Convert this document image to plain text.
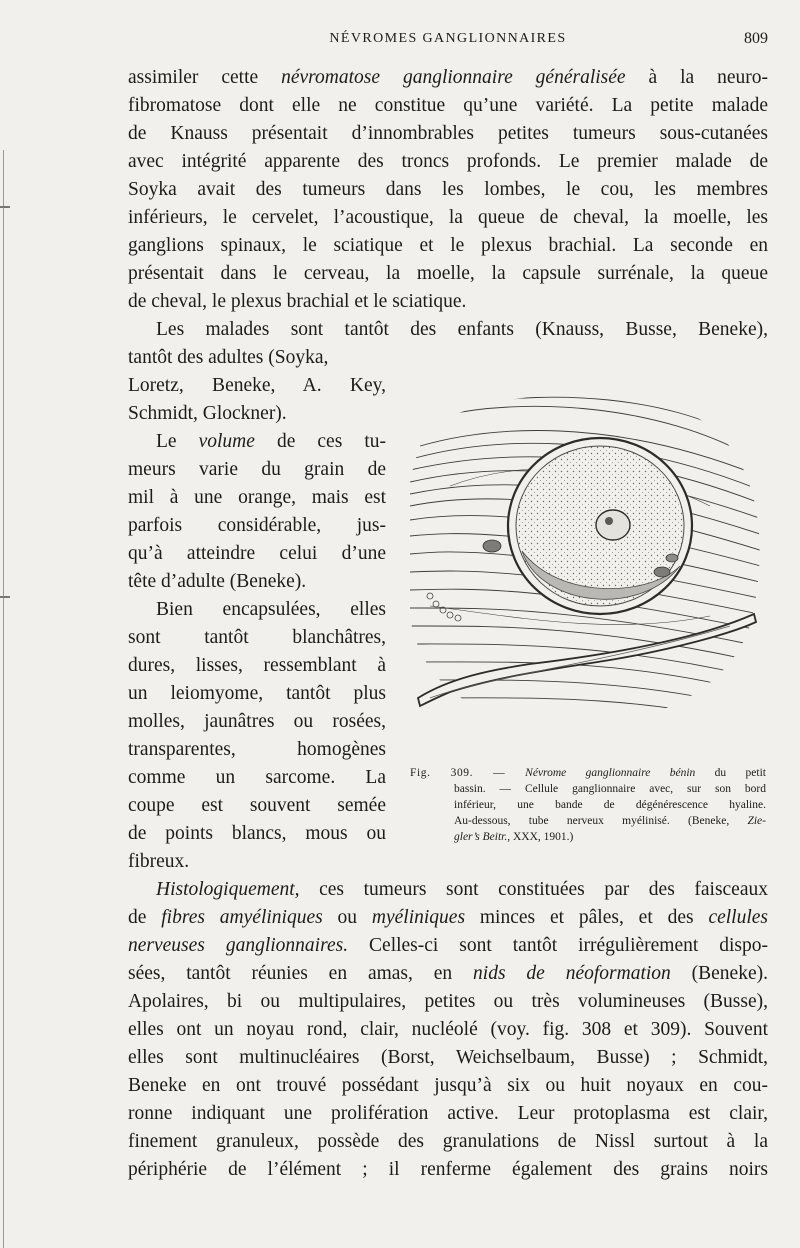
NÉVROMES GANGLIONNAIRES	809
assimiler cette névromatose ganglionnaire généralisée à la neuro-
fibromatose dont elle ne constitue qu’une variété. La petite malade
de Knauss présentait d’innombrables petites tumeurs sous-cutanées
avec intégrité apparente des troncs profonds. Le premier malade de
Soyka avait des tumeurs dans les lombes, le cou, les membres
inférieurs, le cervelet, l’acoustique, la queue de cheval, la moelle, les
ganglions spinaux, le sciatique et le plexus brachial. La seconde en
présentait dans le cerveau, la moelle, la capsule surrénale, la queue
de cheval, le plexus brachial et le sciatique.
Les malades sont tantôt des enfants (Knauss, Busse, Beneke),
tantôt des adultes (Soyka,
Loretz, Beneke, A. Key,
Schmidt, Glockner).
Le volume de ces tu-
meurs varie du grain de
mil à une orange, mais est
parfois considérable, jus-
qu’à atteindre celui d’une
tête d’adulte (Beneke).
Bien encapsulées, elles
sont tantôt blanchâtres,
dures, lisses, ressemblant à
un leiomyome, tantôt plus
molles, jaunâtres ou rosées,
transparentes, homogènes
comme un sarcome. La
coupe est souvent semée
de points blancs, mous ou
fibreux.
Histologiquement, ces tumeurs sont constituées par des faisceaux
de fibres amyéliniques ou myéliniques minces et pâles, et des cellules
nerveuses ganglionnaires. Celles-ci sont tantôt irrégulièrement dispo-
sées, tantôt réunies en amas, en nids de néoformation (Beneke).
Apolaires, bi ou multipulaires, petites ou très volumineuses (Busse),
elles ont un noyau rond, clair, nucléolé (voy. fig. 308 et 309). Souvent
elles sont multinucléaires (Borst, Weichselbaum, Busse) ; Schmidt,
Beneke en ont trouvé possédant jusqu’à six ou huit noyaux en cou-
ronne indiquant une prolifération active. Leur protoplasma est clair,
finement granuleux, possède des granulations de Nissl surtout à la
périphérie de l’élément ; il renferme également des grains noirs
Fig. 309. — Névrome ganglionnaire bénin du petit
bassin. — Cellule ganglionnaire avec, sur son bord
inférieur, une bande de dégénérescence hyaline.
Au-dessous, tube nerveux myélinisé. (Beneke, Zie-
gler’s Beitr., XXX, 1901.)
